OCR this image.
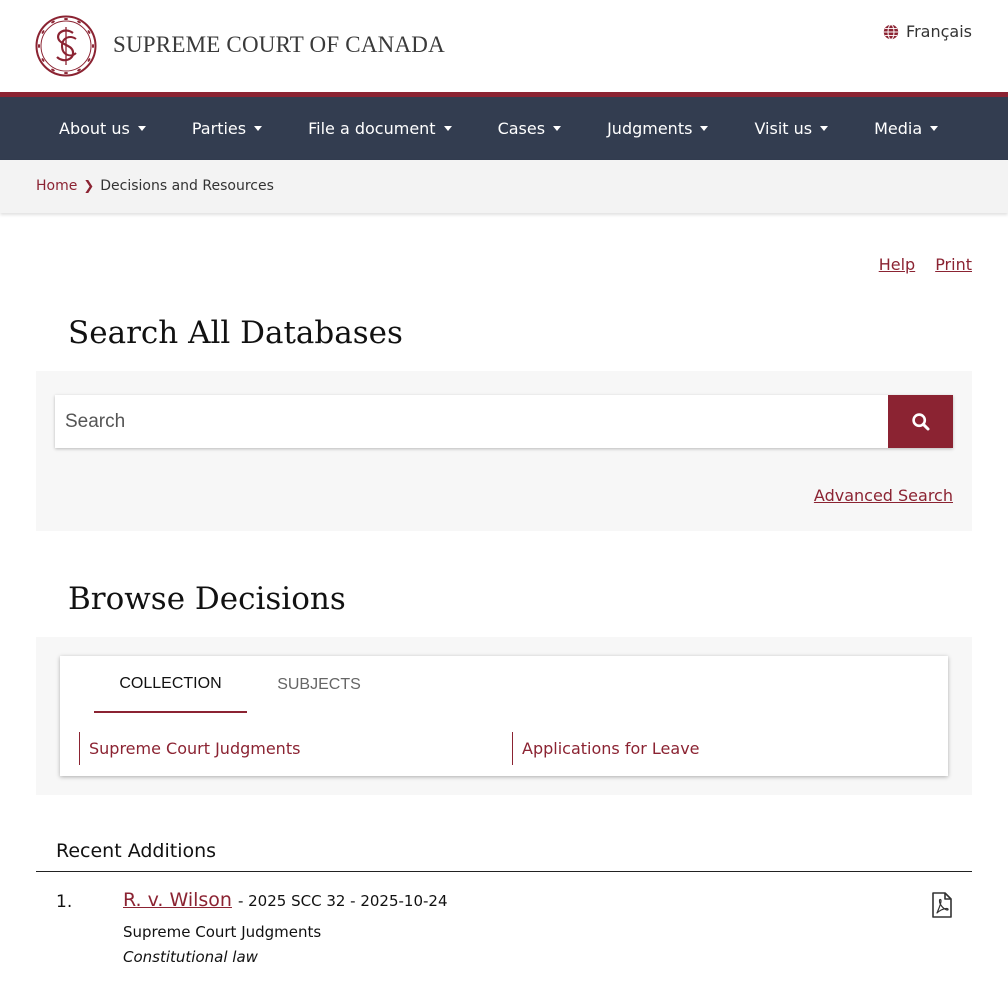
SUPREME COURT OF CANADA
Français
About us	Parties	File a document	Cases	Judgments	Visit us	Media
Home ❯ Decisions and Resources
Help Print
Search All Databases
Search
Advanced Search
Browse Decisions
COLLECTION	SUBJECTS
Supreme Court Judgments	Applications for Leave
Recent Additions
1.	R. v. Wilson - 2025 SCC 32 - 2025-10-24
Supreme Court Judgments
Constitutional law
